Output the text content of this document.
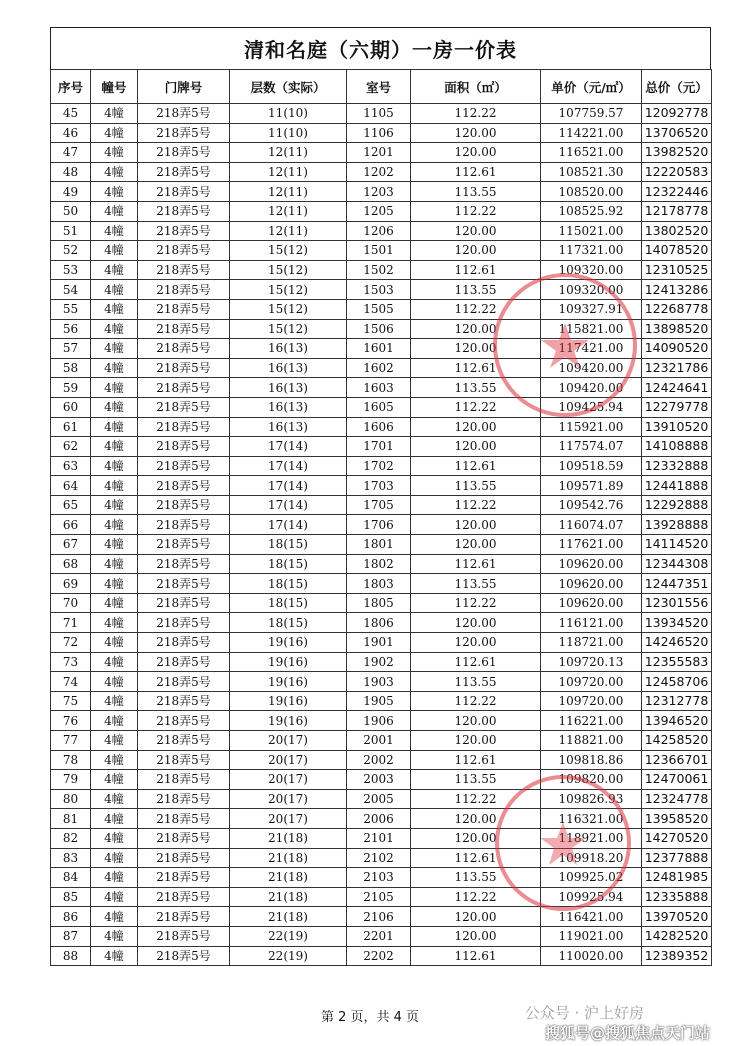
清和名庭（六期）一房一价表
序号	幢号	门牌号	层数（实际）	室号	面积（㎡）	单价（元/㎡）	总价（元）
45	4幢	218弄5号	11(10)	1105	112.22	107759.57	12092778
46	4幢	218弄5号	11(10)	1106	120.00	114221.00	13706520
47	4幢	218弄5号	12(11)	1201	120.00	116521.00	13982520
48	4幢	218弄5号	12(11)	1202	112.61	108521.30	12220583
49	4幢	218弄5号	12(11)	1203	113.55	108520.00	12322446
50	4幢	218弄5号	12(11)	1205	112.22	108525.92	12178778
51	4幢	218弄5号	12(11)	1206	120.00	115021.00	13802520
52	4幢	218弄5号	15(12)	1501	120.00	117321.00	14078520
53	4幢	218弄5号	15(12)	1502	112.61	109320.00	12310525
54	4幢	218弄5号	15(12)	1503	113.55	109320.00	12413286
55	4幢	218弄5号	15(12)	1505	112.22	109327.91	12268778
56	4幢	218弄5号	15(12)	1506	120.00	115821.00	13898520
57	4幢	218弄5号	16(13)	1601	120.00	117421.00	14090520
58	4幢	218弄5号	16(13)	1602	112.61	109420.00	12321786
59	4幢	218弄5号	16(13)	1603	113.55	109420.00	12424641
60	4幢	218弄5号	16(13)	1605	112.22	109425.94	12279778
61	4幢	218弄5号	16(13)	1606	120.00	115921.00	13910520
62	4幢	218弄5号	17(14)	1701	120.00	117574.07	14108888
63	4幢	218弄5号	17(14)	1702	112.61	109518.59	12332888
64	4幢	218弄5号	17(14)	1703	113.55	109571.89	12441888
65	4幢	218弄5号	17(14)	1705	112.22	109542.76	12292888
66	4幢	218弄5号	17(14)	1706	120.00	116074.07	13928888
67	4幢	218弄5号	18(15)	1801	120.00	117621.00	14114520
68	4幢	218弄5号	18(15)	1802	112.61	109620.00	12344308
69	4幢	218弄5号	18(15)	1803	113.55	109620.00	12447351
70	4幢	218弄5号	18(15)	1805	112.22	109620.00	12301556
71	4幢	218弄5号	18(15)	1806	120.00	116121.00	13934520
72	4幢	218弄5号	19(16)	1901	120.00	118721.00	14246520
73	4幢	218弄5号	19(16)	1902	112.61	109720.13	12355583
74	4幢	218弄5号	19(16)	1903	113.55	109720.00	12458706
75	4幢	218弄5号	19(16)	1905	112.22	109720.00	12312778
76	4幢	218弄5号	19(16)	1906	120.00	116221.00	13946520
77	4幢	218弄5号	20(17)	2001	120.00	118821.00	14258520
78	4幢	218弄5号	20(17)	2002	112.61	109818.86	12366701
79	4幢	218弄5号	20(17)	2003	113.55	109820.00	12470061
80	4幢	218弄5号	20(17)	2005	112.22	109826.93	12324778
81	4幢	218弄5号	20(17)	2006	120.00	116321.00	13958520
82	4幢	218弄5号	21(18)	2101	120.00	118921.00	14270520
83	4幢	218弄5号	21(18)	2102	112.61	109918.20	12377888
84	4幢	218弄5号	21(18)	2103	113.55	109925.02	12481985
85	4幢	218弄5号	21(18)	2105	112.22	109925.94	12335888
86	4幢	218弄5号	21(18)	2106	120.00	116421.00	13970520
87	4幢	218弄5号	22(19)	2201	120.00	119021.00	14282520
88	4幢	218弄5号	22(19)	2202	112.61	110020.00	12389352
第 2 页，共 4 页	公众号 · 沪上好房
搜狐号@搜狐焦点天门站
